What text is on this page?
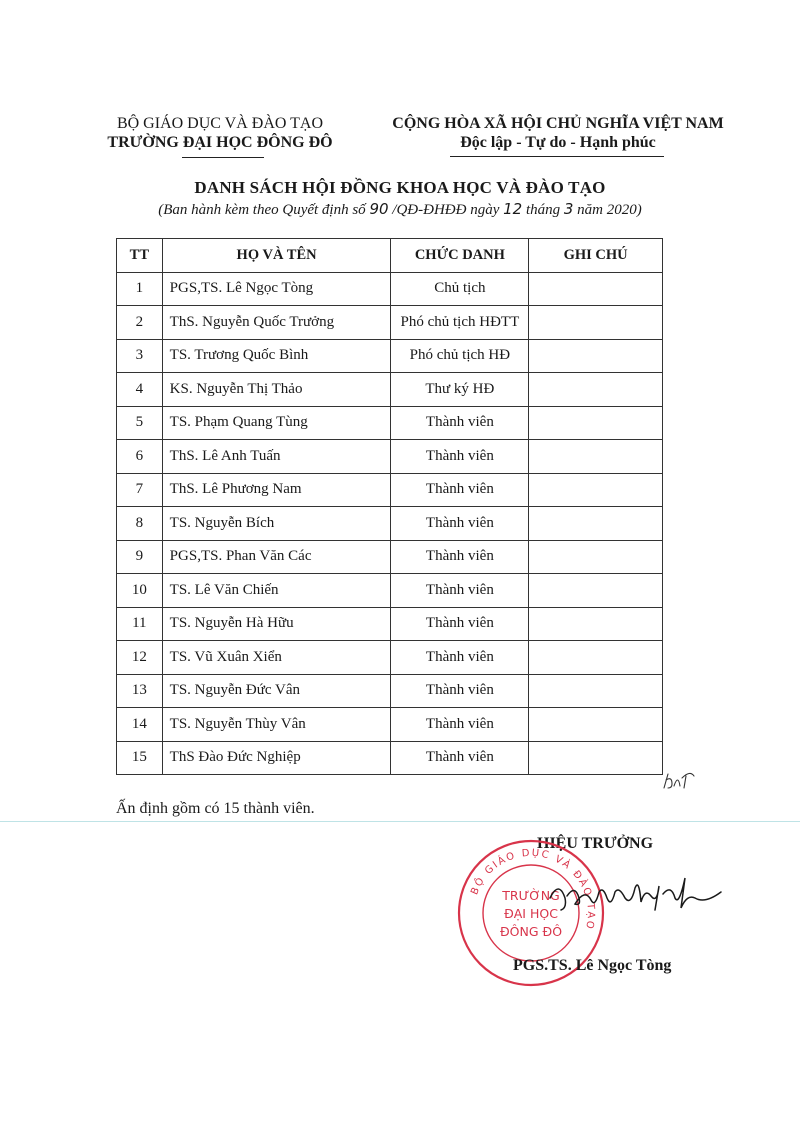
BỘ GIÁO DỤC VÀ ĐÀO TẠO
TRƯỜNG ĐẠI HỌC ĐÔNG ĐÔ
CỘNG HÒA XÃ HỘI CHỦ NGHĨA VIỆT NAM
Độc lập - Tự do - Hạnh phúc
DANH SÁCH HỘI ĐỒNG KHOA HỌC VÀ ĐÀO TẠO
(Ban hành kèm theo Quyết định số 90 /QĐ-ĐHĐĐ ngày 12 tháng 3 năm 2020)
TT	HỌ VÀ TÊN	CHỨC DANH	GHI CHÚ
1	PGS,TS. Lê Ngọc Tòng	Chủ tịch	
2	ThS. Nguyễn Quốc Trưởng	Phó chủ tịch HĐTT	
3	TS. Trương Quốc Bình	Phó chủ tịch HĐ	
4	KS. Nguyễn Thị Thảo	Thư ký HĐ	
5	TS. Phạm Quang Tùng	Thành viên	
6	ThS. Lê Anh Tuấn	Thành viên	
7	ThS. Lê Phương Nam	Thành viên	
8	TS. Nguyễn Bích	Thành viên	
9	PGS,TS. Phan Văn Các	Thành viên	
10	TS. Lê Văn Chiến	Thành viên	
11	TS. Nguyễn Hà Hữu	Thành viên	
12	TS. Vũ Xuân Xiển	Thành viên	
13	TS. Nguyễn Đức Vân	Thành viên	
14	TS. Nguyễn Thùy Vân	Thành viên	
15	ThS Đào Đức Nghiệp	Thành viên	
Ấn định gồm có 15 thành viên.
HIỆU TRƯỞNG
BỘ GIÁO DỤC VÀ ĐÀO TẠO
TRƯỜNG
ĐẠI HỌC
ĐÔNG ĐÔ
PGS.TS. Lê Ngọc Tòng
